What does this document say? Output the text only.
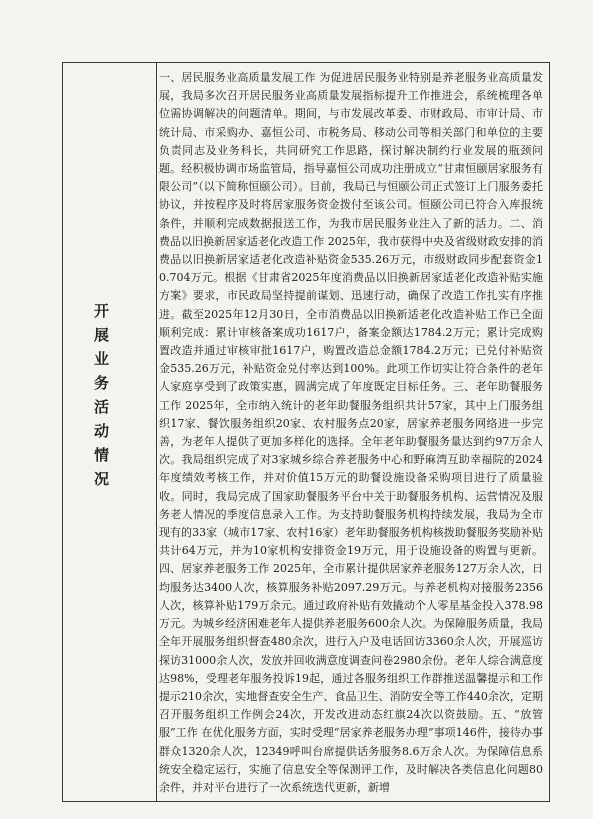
开展业务活动情况

一、居民服务业高质量发展工作 为促进居民服务业特别是养老服务业高质量发展，我局多次召开居民服务业高质量发展指标提升工作推进会，系统梳理各单位需协调解决的问题清单。期间，与市发展改革委、市财政局、市审计局、市统计局、市采购办、嘉恒公司、市税务局、移动公司等相关部门和单位的主要负责同志及业务科长，共同研究工作思路，探讨解决制约行业发展的瓶颈问题。经积极协调市场监管局，指导嘉恒公司成功注册成立“甘肃恒颐居家服务有限公司”（以下简称恒颐公司）。目前，我局已与恒颐公司正式签订上门服务委托协议，并按程序及时将居家服务资金拨付至该公司。恒颐公司已符合入库报统条件，并顺利完成数据报送工作，为我市居民服务业注入了新的活力。二、消费品以旧换新居家适老化改造工作 2025年，我市获得中央及省级财政安排的消费品以旧换新居家适老化改造补贴资金535.26万元，市级财政同步配套资金10.704万元。根据《甘肃省2025年度消费品以旧换新居家适老化改造补贴实施方案》要求，市民政局坚持提前谋划、迅速行动，确保了改造工作扎实有序推进。截至2025年12月30日，全市消费品以旧换新适老化改造补贴工作已全面顺利完成：累计审核备案成功1617户，备案金额达1784.2万元；累计完成购置改造并通过审核审批1617户，购置改造总金额1784.2万元；已兑付补贴资金535.26万元，补贴资金兑付率达到100%。此项工作切实让符合条件的老年人家庭享受到了政策实惠，圆满完成了年度既定目标任务。三、老年助餐服务工作 2025年，全市纳入统计的老年助餐服务组织共计57家，其中上门服务组织17家、餐饮服务组织20家、农村服务点20家，居家养老服务网络进一步完善，为老年人提供了更加多样化的选择。全年老年助餐服务量达到约97万余人次。我局组织完成了对3家城乡综合养老服务中心和野麻湾互助幸福院的2024年度绩效考核工作，并对价值15万元的助餐设施设备采购项目进行了质量验收。同时，我局完成了国家助餐服务平台中关于助餐服务机构、运营情况及服务老人情况的季度信息录入工作。为支持助餐服务机构持续发展，我局为全市现有的33家（城市17家、农村16家）老年助餐服务机构核拨助餐服务奖励补贴共计64万元，并为10家机构安排资金19万元，用于设施设备的购置与更新。四、居家养老服务工作 2025年，全市累计提供居家养老服务127万余人次，日均服务达3400人次，核算服务补贴2097.29万元。与养老机构对接服务2356人次，核算补贴179万余元。通过政府补贴有效撬动个人零星基金投入378.98万元。为城乡经济困难老年人提供养老服务600余人次。为保障服务质量，我局全年开展服务组织督查480余次，进行入户及电话回访3360余人次，开展巡访探访31000余人次，发放并回收满意度调查问卷2980余份。老年人综合满意度达98%，受理老年服务投诉19起，通过各服务组织工作群推送温馨提示和工作提示210余次，实地督查安全生产、食品卫生、消防安全等工作440余次，定期召开服务组织工作例会24次，开发改进动态红旗24次以资鼓励。五、“放管服”工作 在优化服务方面，实时受理“居家养老服务办理”事项146件，接待办事群众1320余人次，12349呼叫台席提供话务服务8.6万余人次。为保障信息系统安全稳定运行，实施了信息安全等保测评工作，及时解决各类信息化问题80余件，并对平台进行了一次系统迭代更新，新增
